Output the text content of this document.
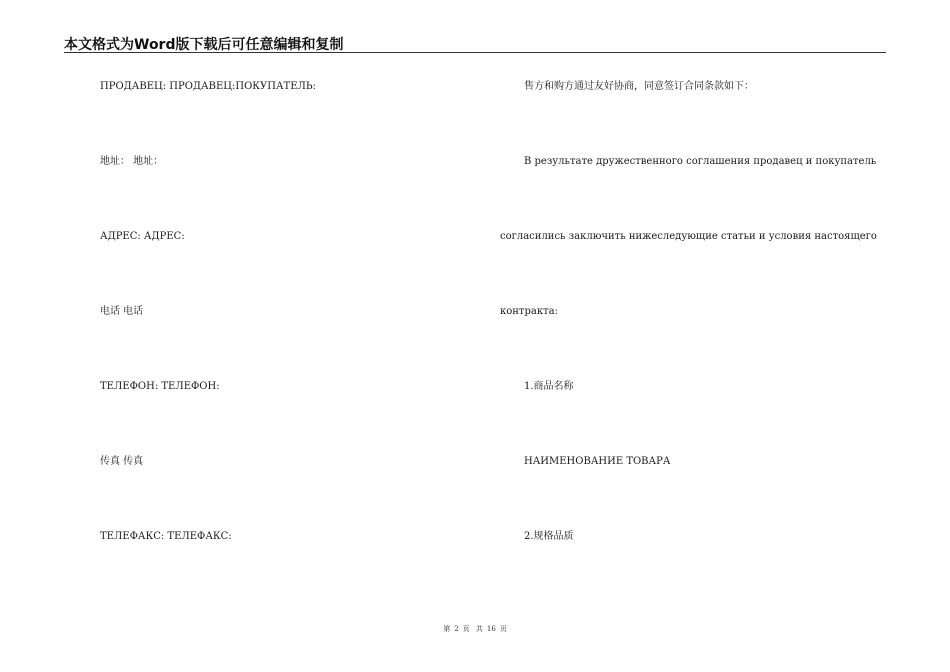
本文格式为Word版下载后可任意编辑和复制
ПРОДАВЕЦ: ПРОДАВЕЦ:ПОКУПАТЕЛЬ:
地址： 地址：
АДРЕС: АДРЕС:
电话 电话
ТЕЛЕФОН: ТЕЛЕФОН:
传真 传真
ТЕЛЕФАКС: ТЕЛЕФАКС:
售方和购方通过友好协商，同意签订合同条款如下：
В результате дружественного соглашения продавец и покупатель
согласились заключить нижеследующие статьи и условия настоящего
контракта:
1.商品名称
НАИМЕНОВАНИЕ ТОВАРА
2.规格品质
第 2 页 共 16 页
